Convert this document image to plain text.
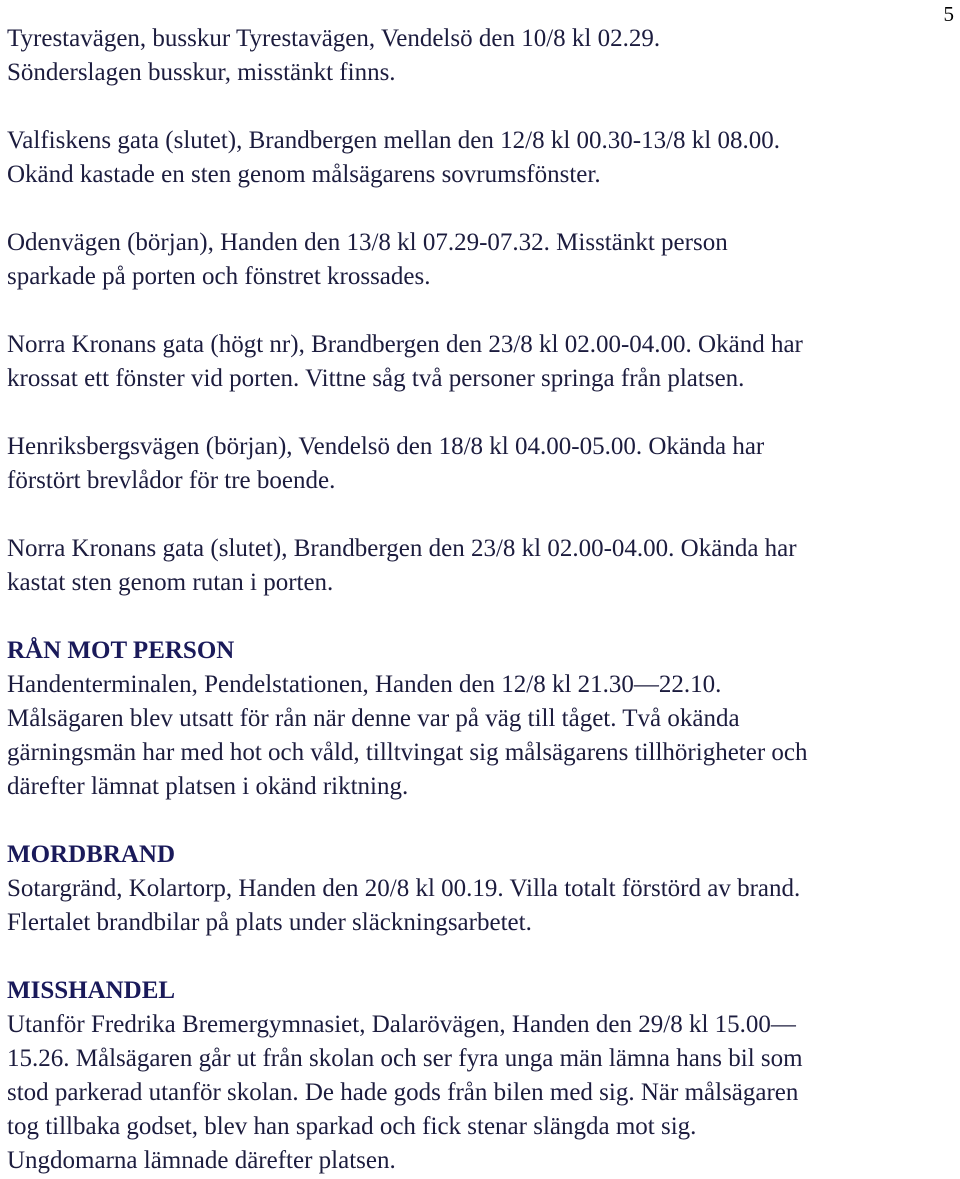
5

Tyrestavägen, busskur Tyrestavägen, Vendelsö den 10/8 kl 02.29.
Sönderslagen busskur, misstänkt finns.

Valfiskens gata (slutet), Brandbergen mellan den 12/8 kl 00.30-13/8 kl 08.00.
Okänd kastade en sten genom målsägarens sovrumsfönster.

Odenvägen (början), Handen den 13/8 kl 07.29-07.32. Misstänkt person
sparkade på porten och fönstret krossades.

Norra Kronans gata (högt nr), Brandbergen den 23/8 kl 02.00-04.00. Okänd har
krossat ett fönster vid porten. Vittne såg två personer springa från platsen.

Henriksbergsvägen (början), Vendelsö den 18/8 kl 04.00-05.00. Okända har
förstört brevlådor för tre boende.

Norra Kronans gata (slutet), Brandbergen den 23/8 kl 02.00-04.00. Okända har
kastat sten genom rutan i porten.

RÅN MOT PERSON

Handenterminalen, Pendelstationen, Handen den 12/8 kl 21.30—22.10.
Målsägaren blev utsatt för rån när denne var på väg till tåget. Två okända
gärningsmän har med hot och våld, tilltvingat sig målsägarens tillhörigheter och
därefter lämnat platsen i okänd riktning.

MORDBRAND

Sotargränd, Kolartorp, Handen den 20/8 kl 00.19. Villa totalt förstörd av brand.
Flertalet brandbilar på plats under släckningsarbetet.

MISSHANDEL

Utanför Fredrika Bremergymnasiet, Dalarövägen, Handen den 29/8 kl 15.00—
15.26. Målsägaren går ut från skolan och ser fyra unga män lämna hans bil som
stod parkerad utanför skolan. De hade gods från bilen med sig. När målsägaren
tog tillbaka godset, blev han sparkad och fick stenar slängda mot sig.
Ungdomarna lämnade därefter platsen.
